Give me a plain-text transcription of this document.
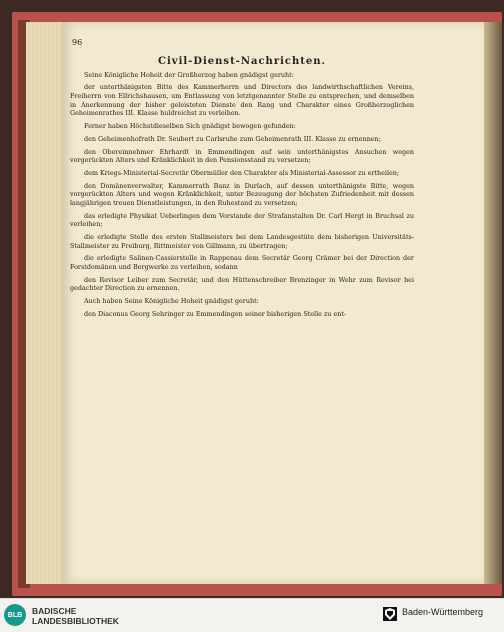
96
Civil-Dienst-Nachrichten.

Seine Königliche Hoheit der Großherzog haben gnädigst geruht:

der unterthänigsten Bitte des Kammerherrn und Directors des landwirthschaftlichen Vereins, Freiherrn von Ellrichshausen, um Entlassung von letztgenannter Stelle zu entsprechen, und demselben in Anerkennung der bisher geleisteten Dienste den Rang und Charakter eines Großherzoglichen Geheimenrathes III. Klasse huldreichst zu verleihen.

Ferner haben Höchstdieselben Sich gnädigst bewogen gefunden:

den Geheimenhofrath Dr. Seubert zu Carlsruhe zum Geheimenrath III. Klasse zu ernennen;

den Obereinnehmer Ehrhardt in Emmendingen auf sein unterthänigstes Ansuchen wegen vorgerückten Alters und Kränklichkeit in den Pensionsstand zu versetzen;

dem Kriegs-Ministerial-Secretär Obermüller den Charakter als Ministerial-Assessor zu ertheilen;

den Domänenverwalter, Kammerrath Banz in Durlach, auf dessen unterthänigste Bitte, wegen vorgerückten Alters und wegen Kränklichkeit, unter Bezeugung der höchsten Zufriedenheit mit dessen langjährigen treuen Dienstleistungen, in den Ruhestand zu versetzen;

das erledigte Physikat Ueberlingen dem Vorstande der Strafanstalten Dr. Carl Hergt in Bruchsal zu verleihen;

die erledigte Stelle des ersten Stallmeisters bei dem Landesgestüte dem bisherigen Universitäts-Stallmeister zu Freiburg, Rittmeister von Gillmann, zu übertragen;

die erledigte Salinen-Cassierstelle in Rappenau dem Secretär Georg Crämer bei der Direction der Forstdomänen und Bergwerke zu verleihen, sodann

den Revisor Leiber zum Secretär, und den Hüttenschreiber Brenzinger in Wehr zum Revisor bei gedachter Direction zu ernennen.

Auch haben Seine Königliche Hoheit gnädigst geruht:

den Diaconus Georg Sehringer zu Emmendingen seiner bisherigen Stelle zu ent-

BLB	BADISCHE
LANDESBIBLIOTHEK
Baden-Württemberg
